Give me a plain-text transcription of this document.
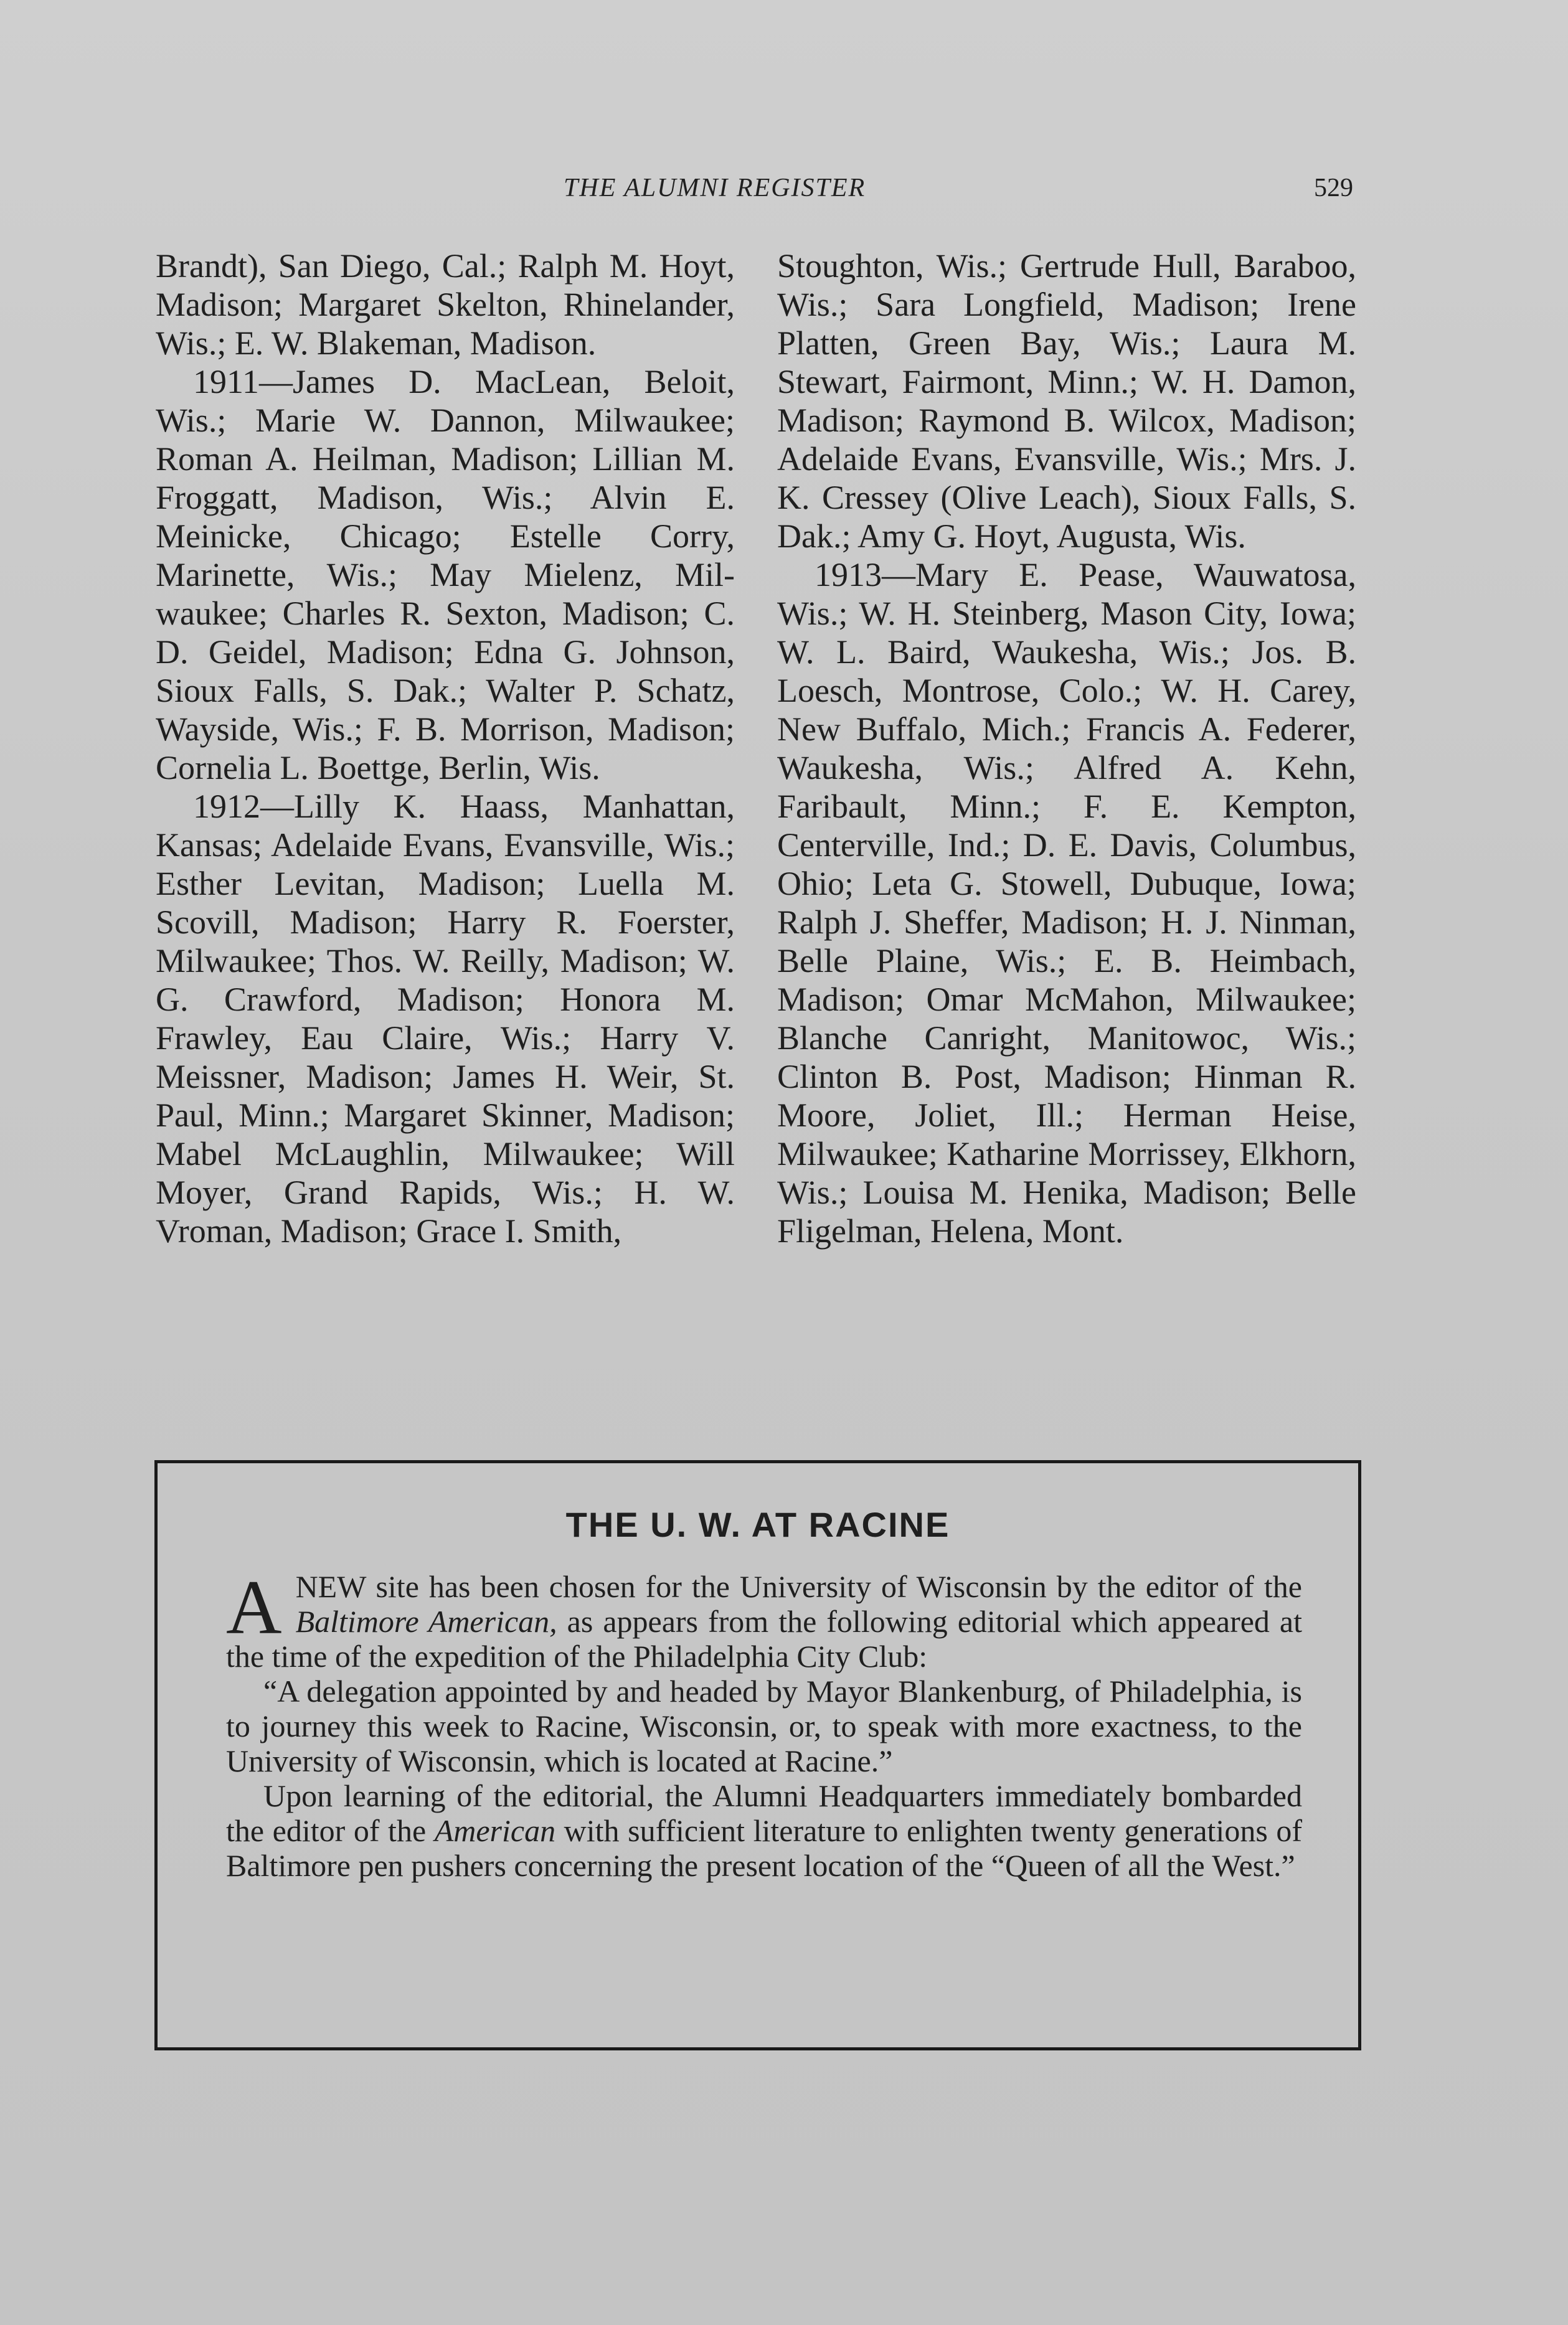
THE ALUMNI REGISTER	529

Brandt), San Diego, Cal.; Ralph M. Hoyt, Madison; Margaret Skelton, Rhinelander, Wis.; E. W. Blakeman, Madison.

1911—James D. MacLean, Beloit, Wis.; Marie W. Dannon, Milwaukee; Roman A. Heilman, Madison; Lillian M. Froggatt, Madison, Wis.; Alvin E. Meinicke, Chicago; Estelle Corry, Marinette, Wis.; May Mielenz, Milwaukee; Charles R. Sexton, Madison; C. D. Geidel, Madison; Edna G. Johnson, Sioux Falls, S. Dak.; Walter P. Schatz, Wayside, Wis.; F. B. Morrison, Madison; Cornelia L. Boettge, Berlin, Wis.

1912—Lilly K. Haass, Manhattan, Kansas; Adelaide Evans, Evansville, Wis.; Esther Levitan, Madison; Luella M. Scovill, Madison; Harry R. Foerster, Milwaukee; Thos. W. Reilly, Madison; W. G. Crawford, Madison; Honora M. Frawley, Eau Claire, Wis.; Harry V. Meissner, Madison; James H. Weir, St. Paul, Minn.; Margaret Skinner, Madison; Mabel McLaughlin, Milwaukee; Will Moyer, Grand Rapids, Wis.; H. W. Vroman, Madison; Grace I. Smith,

Stoughton, Wis.; Gertrude Hull, Baraboo, Wis.; Sara Longfield, Madison; Irene Platten, Green Bay, Wis.; Laura M. Stewart, Fairmont, Minn.; W. H. Damon, Madison; Raymond B. Wilcox, Madison; Adelaide Evans, Evansville, Wis.; Mrs. J. K. Cressey (Olive Leach), Sioux Falls, S. Dak.; Amy G. Hoyt, Augusta, Wis.

1913—Mary E. Pease, Wauwatosa, Wis.; W. H. Steinberg, Mason City, Iowa; W. L. Baird, Waukesha, Wis.; Jos. B. Loesch, Montrose, Colo.; W. H. Carey, New Buffalo, Mich.; Francis A. Federer, Waukesha, Wis.; Alfred A. Kehn, Faribault, Minn.; F. E. Kempton, Centerville, Ind.; D. E. Davis, Columbus, Ohio; Leta G. Stowell, Dubuque, Iowa; Ralph J. Sheffer, Madison; H. J. Ninman, Belle Plaine, Wis.; E. B. Heimbach, Madison; Omar McMahon, Milwaukee; Blanche Canright, Manitowoc, Wis.; Clinton B. Post, Madison; Hinman R. Moore, Joliet, Ill.; Herman Heise, Milwaukee; Katharine Morrissey, Elkhorn, Wis.; Louisa M. Henika, Madison; Belle Fligelman, Helena, Mont.

THE U. W. AT RACINE

ANEW site has been chosen for the University of Wisconsin by the editor of the Baltimore American, as appears from the following editorial which appeared at the time of the expedition of the Philadelphia City Club:

“A delegation appointed by and headed by Mayor Blankenburg, of Philadelphia, is to journey this week to Racine, Wisconsin, or, to speak with more exactness, to the University of Wisconsin, which is located at Racine.”

Upon learning of the editorial, the Alumni Headquarters immediately bombarded the editor of the American with sufficient literature to enlighten twenty generations of Baltimore pen pushers concerning the present location of the “Queen of all the West.”
